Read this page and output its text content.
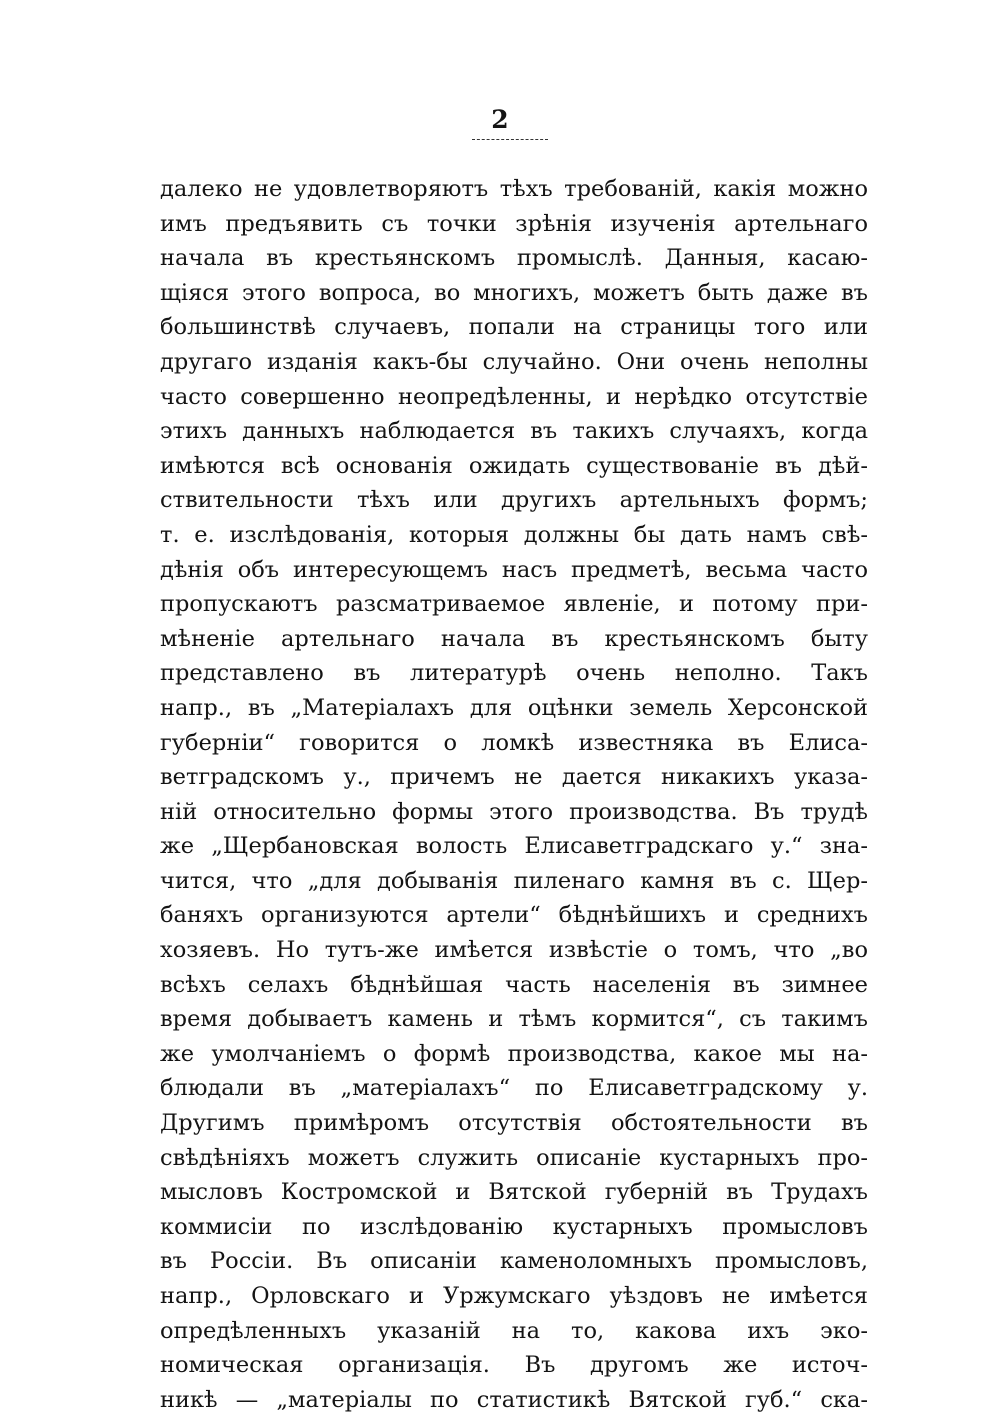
2
далеко не удовлетворяютъ тѣхъ требованій, какія можно
имъ предъявить съ точки зрѣнія изученія артельнаго
начала въ крестьянскомъ промыслѣ. Данныя, касаю-
щіяся этого вопроса, во многихъ, можетъ быть даже въ
большинствѣ случаевъ, попали на страницы того или
другаго изданія какъ-бы случайно. Они очень неполны
часто совершенно неопредѣленны, и нерѣдко отсутствіе
этихъ данныхъ наблюдается въ такихъ случаяхъ, когда
имѣются всѣ основанія ожидать существованіе въ дѣй-
ствительности тѣхъ или другихъ артельныхъ формъ;
т. е. изслѣдованія, которыя должны бы дать намъ свѣ-
дѣнія объ интересующемъ насъ предметѣ, весьма часто
пропускаютъ разсматриваемое явленіе, и потому при-
мѣненіе артельнаго начала въ крестьянскомъ быту
представлено въ литературѣ очень неполно. Такъ
напр., въ „Матеріалахъ для оцѣнки земель Херсонской
губерніи“ говорится о ломкѣ известняка въ Елиса-
ветградскомъ у., причемъ не дается никакихъ указа-
ній относительно формы этого производства. Въ трудѣ
же „Щербановская волость Елисаветградскаго у.“ зна-
чится, что „для добыванія пиленаго камня въ с. Щер-
баняхъ организуются артели“ бѣднѣйшихъ и среднихъ
хозяевъ. Но тутъ-же имѣется извѣстіе о томъ, что „во
всѣхъ селахъ бѣднѣйшая часть населенія въ зимнее
время добываетъ камень и тѣмъ кормится“, съ такимъ
же умолчаніемъ о формѣ производства, какое мы на-
блюдали въ „матеріалахъ“ по Елисаветградскому у.
Другимъ примѣромъ отсутствія обстоятельности въ
свѣдѣніяхъ можетъ служить описаніе кустарныхъ про-
мысловъ Костромской и Вятской губерній въ Трудахъ
коммисіи по изслѣдованію кустарныхъ промысловъ
въ Россіи. Въ описаніи каменоломныхъ промысловъ,
напр., Орловскаго и Уржумскаго уѣздовъ не имѣется
опредѣленныхъ указаній на то, какова ихъ эко-
номическая организація. Въ другомъ же источ-
никѣ — „матеріалы по статистикѣ Вятской губ.“ ска-
